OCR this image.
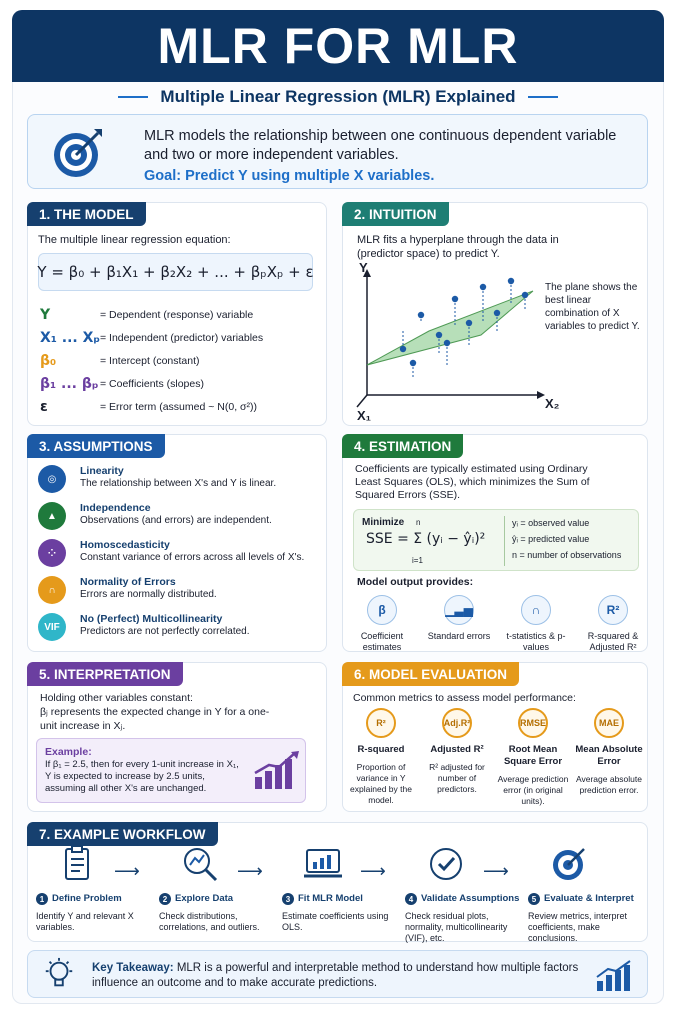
MLR FOR MLR
Multiple Linear Regression (MLR) Explained
MLR models the relationship between one continuous dependent variable and two or more independent variables.
Goal: Predict Y using multiple X variables.
1. THE MODEL
The multiple linear regression equation:
Y = β₀ + β₁X₁ + β₂X₂ + ... + βₚXₚ + ε
Y	= Dependent (response) variable
X₁ ... Xₚ = Independent (predictor) variables
β₀	= Intercept (constant)
β₁ ... βₚ = Coefficients (slopes)
ε	= Error term (assumed ~ N(0, σ²))
2. INTUITION
MLR fits a hyperplane through the data in (predictor space) to predict Y.
Y
X₂
X₁
The plane shows the best linear combination of X variables to predict Y.
3. ASSUMPTIONS
◎
Linearity
The relationship between X's and Y is linear.
▲
Independence
Observations (and errors) are independent.
⁘
Homoscedasticity
Constant variance of errors across all levels of X's.
∩
Normality of Errors
Errors are normally distributed.
VIF
No (Perfect) Multicollinearity
Predictors are not perfectly correlated.
4. ESTIMATION
Coefficients are typically estimated using Ordinary Least Squares (OLS), which minimizes the Sum of Squared Errors (SSE).
Minimize n
SSE = Σ (yᵢ − ŷᵢ)²
i=1
yᵢ = observed value
ŷᵢ = predicted value
n = number of observations
Model output provides:
β
Coefficient estimates
▁▃▅
Standard errors
∩
t-statistics & p-values
R²
R-squared & Adjusted R²
5. INTERPRETATION
Holding other variables constant:
βⱼ represents the expected change in Y for a one-unit increase in Xⱼ.
Example:
If β₁ = 2.5, then for every 1-unit increase in X₁, Y is expected to increase by 2.5 units, assuming all other X's are unchanged.
6. MODEL EVALUATION
Common metrics to assess model performance:
R²
R-squared
Proportion of variance in Y explained by the model.
Adj.R²
Adjusted R²
R² adjusted for number of predictors.
RMSE
Root Mean Square Error
Average prediction error (in original units).
MAE
Mean Absolute Error
Average absolute prediction error.
7. EXAMPLE WORKFLOW
1 Define Problem
Identify Y and relevant X variables.
⟶
2 Explore Data
Check distributions, correlations, and outliers.
⟶
3 Fit MLR Model
Estimate coefficients using OLS.
⟶
4 Validate Assumptions
Check residual plots, normality, multicollinearity (VIF), etc.
⟶
5 Evaluate & Interpret
Review metrics, interpret coefficients, make conclusions.
Key Takeaway: MLR is a powerful and interpretable method to understand how multiple factors influence an outcome and to make accurate predictions.
